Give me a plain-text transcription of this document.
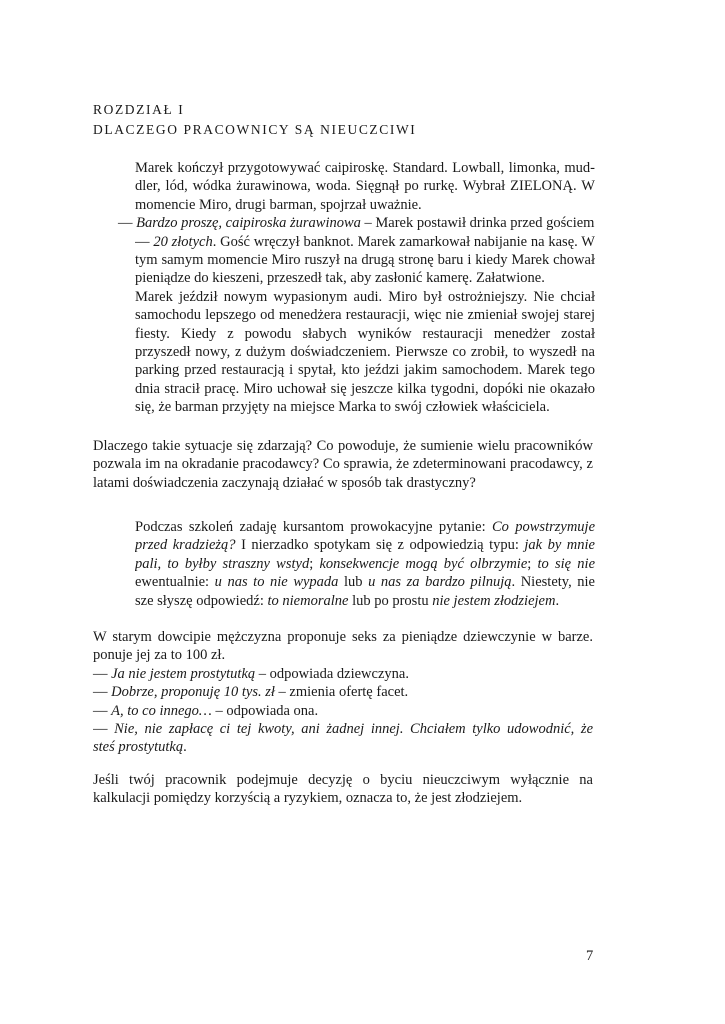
ROZDZIAŁ I
DLACZEGO PRACOWNICY SĄ NIEUCZCIWI
Marek kończył przygotowywać caipiroskę. Standard. Lowball, limonka, mud-
dler, lód, wódka żurawinowa, woda. Sięgnął po rurkę. Wybrał ZIELONĄ. W
momencie Miro, drugi barman, spojrzał uważnie.
— Bardzo proszę, caipiroska żurawinowa – Marek postawił drinka przed gościem
— 20 złotych. Gość wręczył banknot. Marek zamarkował nabijanie na kasę. W
tym samym momencie Miro ruszył na drugą stronę baru i kiedy Marek chował
pieniądze do kieszeni, przeszedł tak, aby zasłonić kamerę. Załatwione.
Marek jeździł nowym wypasionym audi. Miro był ostrożniejszy. Nie chciał
samochodu lepszego od menedżera restauracji, więc nie zmieniał swojej starej
fiesty. Kiedy z powodu słabych wyników restauracji menedżer został
przyszedł nowy, z dużym doświadczeniem. Pierwsze co zrobił, to wyszedł na
parking przed restauracją i spytał, kto jeździ jakim samochodem. Marek tego
dnia stracił pracę. Miro uchował się jeszcze kilka tygodni, dopóki nie okazało
się, że barman przyjęty na miejsce Marka to swój człowiek właściciela.
Dlaczego takie sytuacje się zdarzają? Co powoduje, że sumienie wielu pracowników
pozwala im na okradanie pracodawcy? Co sprawia, że zdeterminowani pracodawcy, z
latami doświadczenia zaczynają działać w sposób tak drastyczny?
Podczas szkoleń zadaję kursantom prowokacyjne pytanie: Co powstrzymuje
przed kradzieżą? I nierzadko spotykam się z odpowiedzią typu: jak by mnie
pali, to byłby straszny wstyd; konsekwencje mogą być olbrzymie; to się nie
ewentualnie: u nas to nie wypada lub u nas za bardzo pilnują. Niestety, nie
sze słyszę odpowiedź: to niemoralne lub po prostu nie jestem złodziejem.
W starym dowcipie mężczyzna proponuje seks za pieniądze dziewczynie w barze.
ponuje jej za to 100 zł.
— Ja nie jestem prostytutką – odpowiada dziewczyna.
— Dobrze, proponuję 10 tys. zł – zmienia ofertę facet.
— A, to co innego… – odpowiada ona.
— Nie, nie zapłacę ci tej kwoty, ani żadnej innej. Chciałem tylko udowodnić, że
steś prostytutką.
Jeśli twój pracownik podejmuje decyzję o byciu nieuczciwym wyłącznie na
kalkulacji pomiędzy korzyścią a ryzykiem, oznacza to, że jest złodziejem.
7
